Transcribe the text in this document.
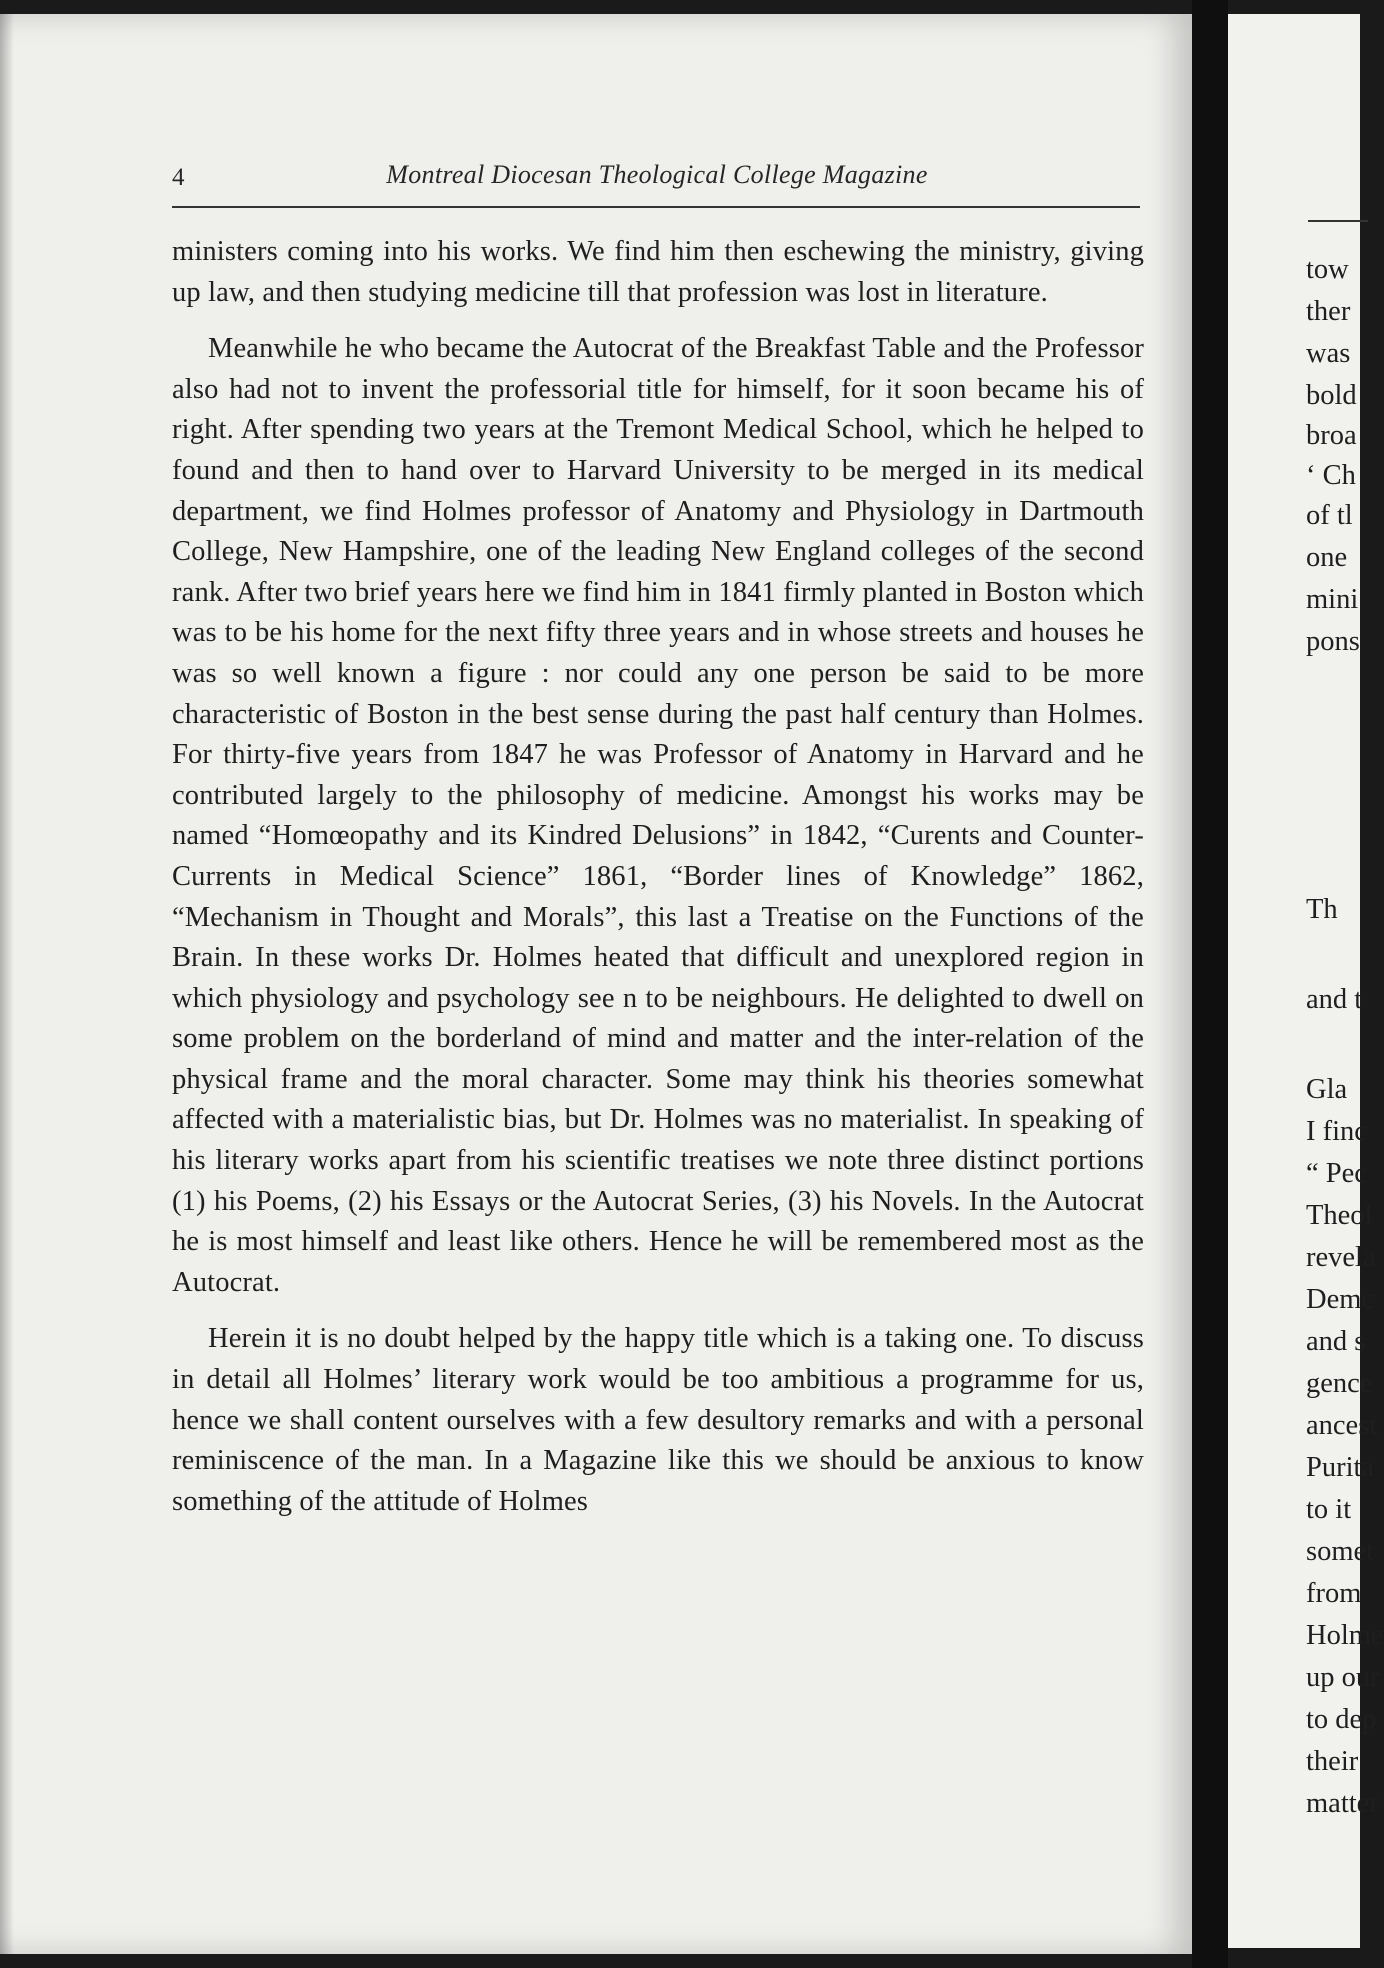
tow
ther
was
bold
broa
‘ Ch
of tl
one
mini
pons
Th
and t
Gla
I finc
“ Pec
Theol
revela
Demc
and s
gence
ancest
Purita
to it
somet
from
Holme
up our
to dep
their
matter
4	Montreal Diocesan Theological College Magazine

ministers coming into his works. We find him then eschewing the ministry, giving up law, and then studying medicine till that profession was lost in literature.

Meanwhile he who became the Autocrat of the Breakfast Table and the Professor also had not to invent the professorial title for himself, for it soon became his of right. After spending two years at the Tremont Medical School, which he helped to found and then to hand over to Harvard University to be merged in its medical department, we find Holmes professor of Anatomy and Physiology in Dartmouth College, New Hampshire, one of the leading New England colleges of the second rank. After two brief years here we find him in 1841 firmly planted in Boston which was to be his home for the next fifty three years and in whose streets and houses he was so well known a figure : nor could any one person be said to be more characteristic of Boston in the best sense during the past half century than Holmes. For thirty-five years from 1847 he was Professor of Anatomy in Harvard and he contributed largely to the philosophy of medicine. Amongst his works may be named “Homœopathy and its Kindred Delusions” in 1842, “Curents and Counter-Currents in Medical Science” 1861, “Border lines of Knowledge” 1862, “Mechanism in Thought and Morals”, this last a Treatise on the Functions of the Brain. In these works Dr. Holmes heated that difficult and unexplored region in which physiology and psychology see n to be neighbours. He delighted to dwell on some problem on the borderland of mind and matter and the inter-relation of the physical frame and the moral character. Some may think his theories somewhat affected with a materialistic bias, but Dr. Holmes was no materialist. In speaking of his literary works apart from his scientific treatises we note three distinct portions (1) his Poems, (2) his Essays or the Autocrat Series, (3) his Novels. In the Autocrat he is most himself and least like others. Hence he will be remembered most as the Autocrat.

Herein it is no doubt helped by the happy title which is a taking one. To discuss in detail all Holmes’ literary work would be too ambitious a programme for us, hence we shall content ourselves with a few desultory remarks and with a personal reminiscence of the man. In a Magazine like this we should be anxious to know something of the attitude of Holmes
